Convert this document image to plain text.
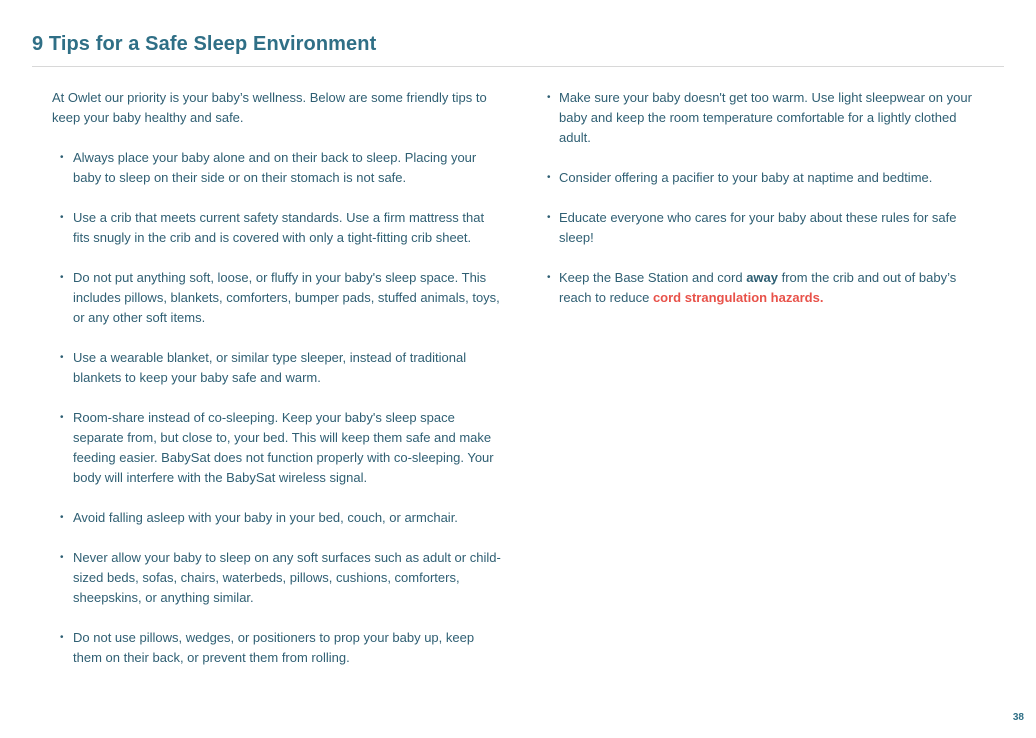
9 Tips for a Safe Sleep Environment

At Owlet our priority is your baby’s wellness. Below are some friendly tips to keep your baby healthy and safe.

• Always place your baby alone and on their back to sleep. Placing your baby to sleep on their side or on their stomach is not safe.
• Use a crib that meets current safety standards. Use a firm mattress that fits snugly in the crib and is covered with only a tight-fitting crib sheet.
• Do not put anything soft, loose, or fluffy in your baby's sleep space. This includes pillows, blankets, comforters, bumper pads, stuffed animals, toys, or any other soft items.
• Use a wearable blanket, or similar type sleeper, instead of traditional blankets to keep your baby safe and warm.
• Room-share instead of co-sleeping. Keep your baby's sleep space separate from, but close to, your bed. This will keep them safe and make feeding easier. BabySat does not function properly with co-sleeping. Your body will interfere with the BabySat wireless signal.
• Avoid falling asleep with your baby in your bed, couch, or armchair.
• Never allow your baby to sleep on any soft surfaces such as adult or child-sized beds, sofas, chairs, waterbeds, pillows, cushions, comforters, sheepskins, or anything similar.
• Do not use pillows, wedges, or positioners to prop your baby up, keep them on their back, or prevent them from rolling.
• Make sure your baby doesn't get too warm. Use light sleepwear on your baby and keep the room temperature comfortable for a lightly clothed adult.
• Consider offering a pacifier to your baby at naptime and bedtime.
• Educate everyone who cares for your baby about these rules for safe sleep!
• Keep the Base Station and cord away from the crib and out of baby’s reach to reduce cord strangulation hazards.
38
